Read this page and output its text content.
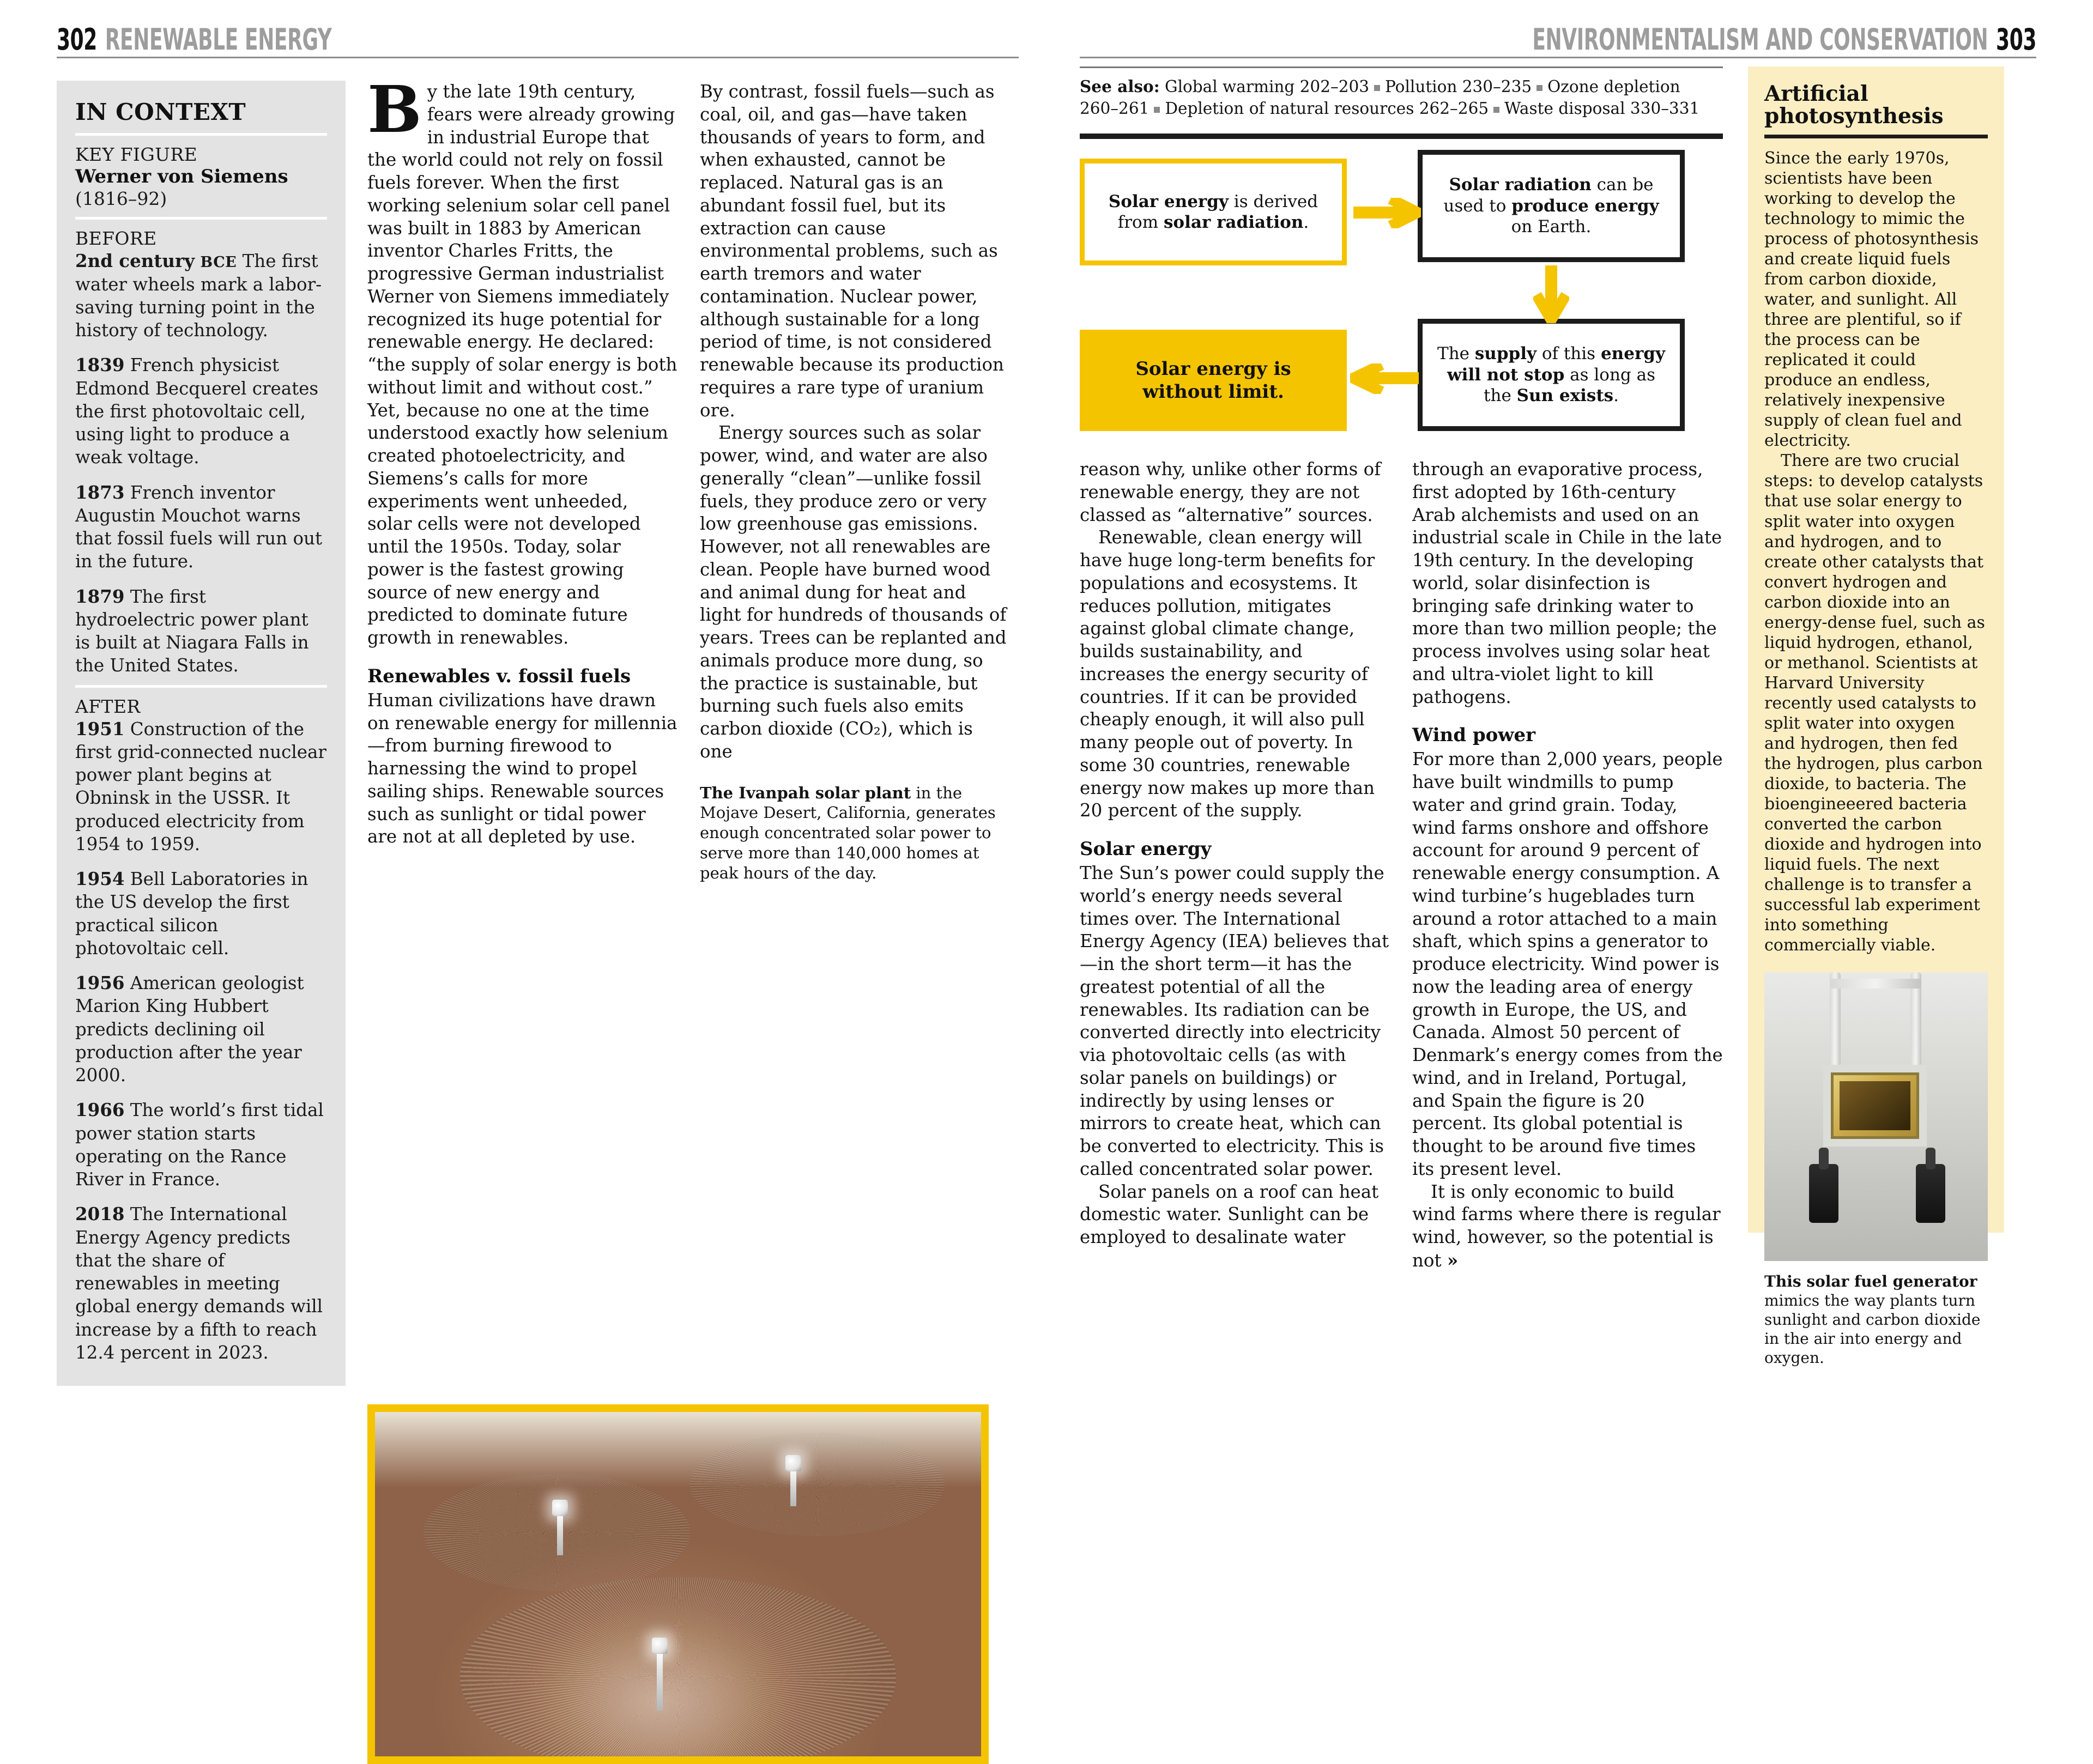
302 RENEWABLE ENERGY
IN CONTEXT
KEY FIGURE
Werner von Siemens
(1816–92)
BEFORE

2nd century BCE The first water wheels mark a labor-saving turning point in the history of technology.

1839 French physicist Edmond Becquerel creates the first photovoltaic cell, using light to produce a weak voltage.

1873 French inventor Augustin Mouchot warns that fossil fuels will run out in the future.

1879 The first hydroelectric power plant is built at Niagara Falls in the United States.

AFTER

1951 Construction of the first grid-connected nuclear power plant begins at Obninsk in the USSR. It produced electricity from 1954 to 1959.

1954 Bell Laboratories in the US develop the first practical silicon photovoltaic cell.

1956 American geologist Marion King Hubbert predicts declining oil production after the year 2000.

1966 The world’s first tidal power station starts operating on the Rance River in France.

2018 The International Energy Agency predicts that the share of renewables in meeting global energy demands will increase by a fifth to reach 12.4 percent in 2023.

By the late 19th century, fears were already growing in industrial Europe that the world could not rely on fossil fuels forever. When the first working selenium solar cell panel was built in 1883 by American inventor Charles Fritts, the progressive German industrialist Werner von Siemens immediately recognized its huge potential for renewable energy. He declared: “the supply of solar energy is both without limit and without cost.” Yet, because no one at the time understood exactly how selenium created photoelectricity, and Siemens’s calls for more experiments went unheeded, solar cells were not developed until the 1950s. Today, solar power is the fastest growing source of new energy and predicted to dominate future growth in renewables.

Renewables v. fossil fuels

Human civilizations have drawn on renewable energy for millennia—from burning firewood to harnessing the wind to propel sailing ships. Renewable sources such as sunlight or tidal power are not at all depleted by use.

By contrast, fossil fuels—such as coal, oil, and gas—have taken thousands of years to form, and when exhausted, cannot be replaced. Natural gas is an abundant fossil fuel, but its extraction can cause environmental problems, such as earth tremors and water contamination. Nuclear power, although sustainable for a long period of time, is not considered renewable because its production requires a rare type of uranium ore.

Energy sources such as solar power, wind, and water are also generally “clean”—unlike fossil fuels, they produce zero or very low greenhouse gas emissions. However, not all renewables are clean. People have burned wood and animal dung for heat and light for hundreds of thousands of years. Trees can be replanted and animals produce more dung, so the practice is sustainable, but burning such fuels also emits carbon dioxide (CO₂), which is one

The Ivanpah solar plant in the Mojave Desert, California, generates enough concentrated solar power to serve more than 140,000 homes at peak hours of the day.

ENVIRONMENTALISM AND CONSERVATION 303
See also: Global warming 202–203 Pollution 230–235 Ozone depletion 260–261 Depletion of natural resources 262–265 Waste disposal 330–331
Solar energy is derived from solar radiation.
Solar radiation can be used to produce energy on Earth.
The supply of this energy will not stop as long as the Sun exists.
Solar energy is without limit.

reason why, unlike other forms of renewable energy, they are not classed as “alternative” sources.

Renewable, clean energy will have huge long-term benefits for populations and ecosystems. It reduces pollution, mitigates against global climate change, builds sustainability, and increases the energy security of countries. If it can be provided cheaply enough, it will also pull many people out of poverty. In some 30 countries, renewable energy now makes up more than 20 percent of the supply.

Solar energy

The Sun’s power could supply the world’s energy needs several times over. The International Energy Agency (IEA) believes that—in the short term—it has the greatest potential of all the renewables. Its radiation can be converted directly into electricity via photovoltaic cells (as with solar panels on buildings) or indirectly by using lenses or mirrors to create heat, which can be converted to electricity. This is called concentrated solar power.

Solar panels on a roof can heat domestic water. Sunlight can be employed to desalinate water

through an evaporative process, first adopted by 16th-century Arab alchemists and used on an industrial scale in Chile in the late 19th century. In the developing world, solar disinfection is bringing safe drinking water to more than two million people; the process involves using solar heat and ultra-violet light to kill pathogens.

Wind power

For more than 2,000 years, people have built windmills to pump water and grind grain. Today, wind farms onshore and offshore account for around 9 percent of renewable energy consumption. A wind turbine’s hugeblades turn around a rotor attached to a main shaft, which spins a generator to produce electricity. Wind power is now the leading area of energy growth in Europe, the US, and Canada. Almost 50 percent of Denmark’s energy comes from the wind, and in Ireland, Portugal, and Spain the figure is 20 percent. Its global potential is thought to be around five times its present level.

It is only economic to build wind farms where there is regular wind, however, so the potential is not »

Artificial photosynthesis

Since the early 1970s, scientists have been working to develop the technology to mimic the process of photosynthesis and create liquid fuels from carbon dioxide, water, and sunlight. All three are plentiful, so if the process can be replicated it could produce an endless, relatively inexpensive supply of clean fuel and electricity.

There are two crucial steps: to develop catalysts that use solar energy to split water into oxygen and hydrogen, and to create other catalysts that convert hydrogen and carbon dioxide into an energy-dense fuel, such as liquid hydrogen, ethanol, or methanol. Scientists at Harvard University recently used catalysts to split water into oxygen and hydrogen, then fed the hydrogen, plus carbon dioxide, to bacteria. The bioengineeered bacteria converted the carbon dioxide and hydrogen into liquid fuels. The next challenge is to transfer a successful lab experiment into something commercially viable.

This solar fuel generator mimics the way plants turn sunlight and carbon dioxide in the air into energy and oxygen.
